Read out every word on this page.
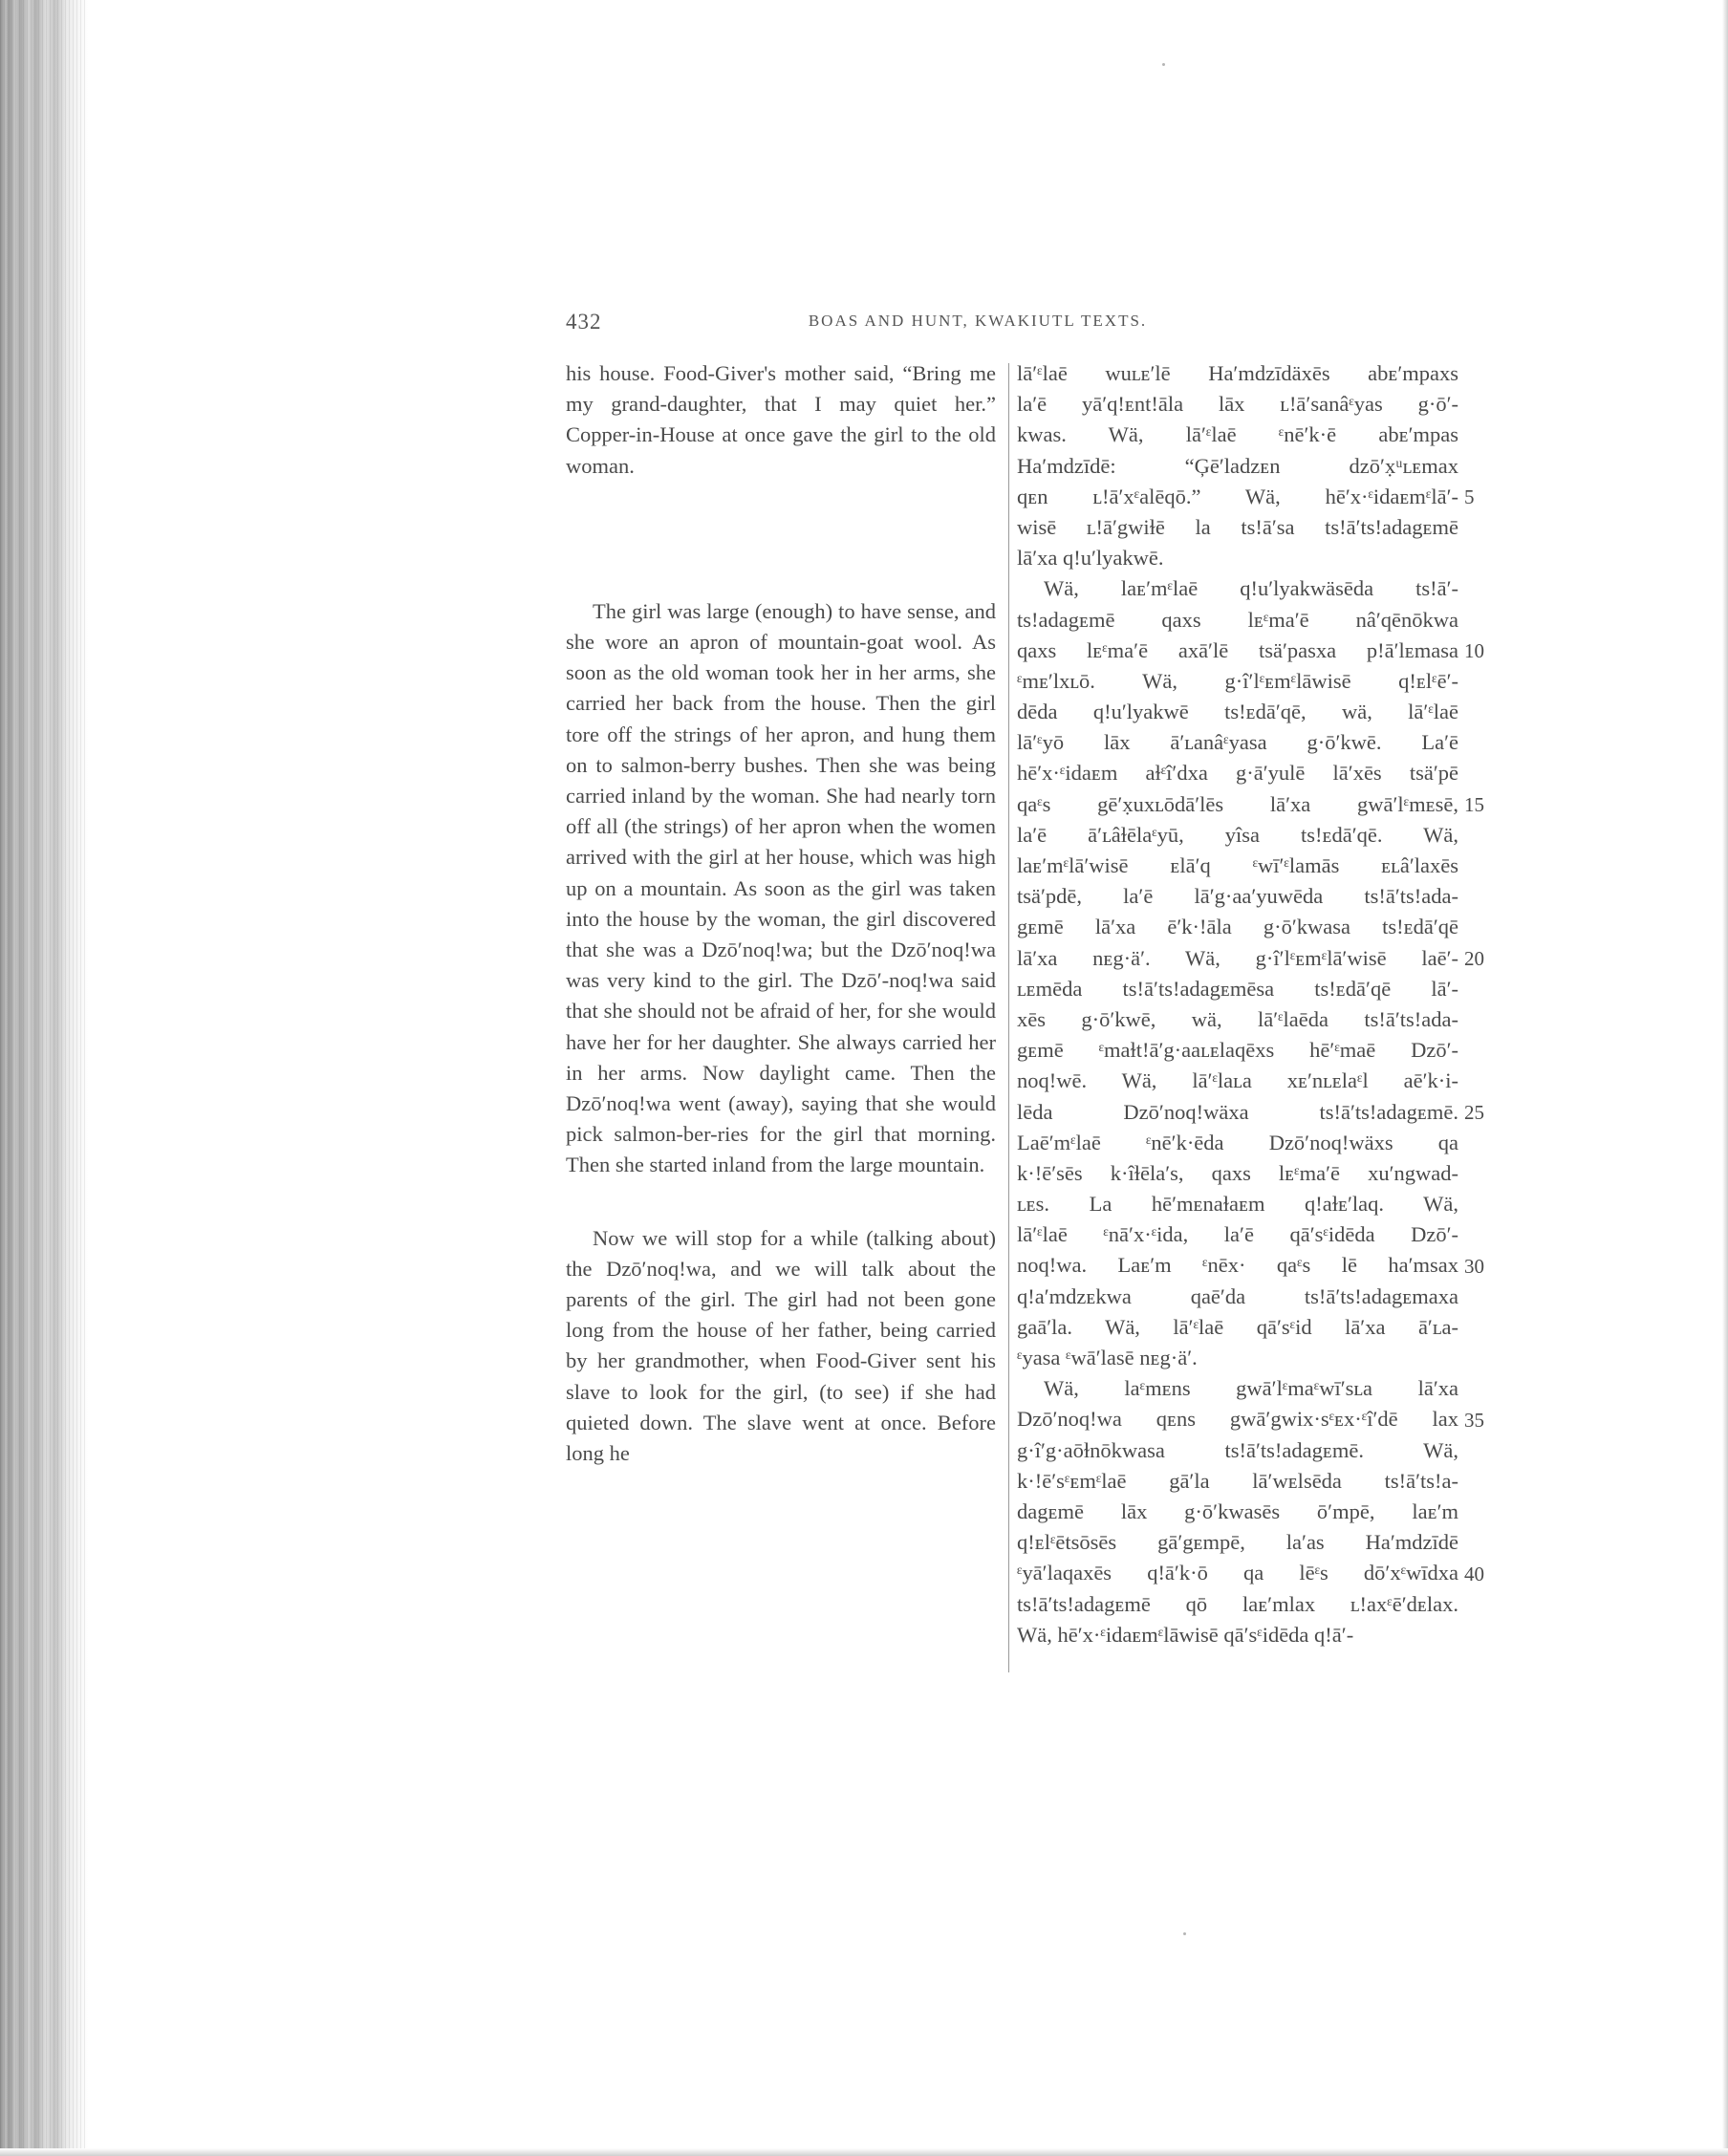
432	BOAS AND HUNT, KWAKIUTL TEXTS.

his house. Food-Giver's mother said, “Bring me my grand-daughter, that I may quiet her.” Copper-in-House at once gave the girl to the old woman.

The girl was large (enough) to have sense, and she wore an apron of mountain-goat wool. As soon as the old woman took her in her arms, she carried her back from the house. Then the girl tore off the strings of her apron, and hung them on to salmon-berry bushes. Then she was being carried inland by the woman. She had nearly torn off all (the strings) of her apron when the women arrived with the girl at her house, which was high up on a mountain. As soon as the girl was taken into the house by the woman, the girl discovered that she was a Dzō′noq!wa; but the Dzō′noq!wa was very kind to the girl. The Dzō′-noq!wa said that she should not be afraid of her, for she would have her for her daughter. She always carried her in her arms. Now daylight came. Then the Dzō′noq!wa went (away), saying that she would pick salmon-ber-ries for the girl that morning. Then she started inland from the large mountain.

Now we will stop for a while (talking about) the Dzō′noq!wa, and we will talk about the parents of the girl. The girl had not been gone long from the house of her father, being carried by her grandmother, when Food-Giver sent his slave to look for the girl, (to see) if she had quieted down. The slave went at once. Before long he

lā′ᵋlaē wuʟᴇ′lē Ha′mdzīdäxēs abᴇ′mpaxs
la′ē yā′q!ᴇnt!āla lāx ʟ!ā′sanâᵋyas g·ō′-
kwas. Wä, lā′ᵋlaē ᵋnē′k·ē abᴇ′mpas
Ha′mdzīdē: “Ģē′ladzᴇn dzō′x̣ᵘʟᴇmax
qᴇn ʟ!ā′xᵋalēqō.” Wä, hē′x·ᵋidaᴇmᵋlā′-
wisē ʟ!ā′gwiɫē la ts!ā′sa ts!ā′ts!adagᴇmē
lā′xa q!u′lyakwē.
Wä, laᴇ′mᵋlaē q!u′lyakwäsēda ts!ā′-
ts!adagᴇmē qaxs lᴇᵋma′ē nâ′qēnōkwa
qaxs lᴇᵋma′ē axā′lē tsä′pasxa p!ā′lᴇmasa
ᵋmᴇ′lxʟō. Wä, g·î′lᵋᴇmᵋlāwisē q!ᴇlᵋē′-
dēda q!u′lyakwē ts!ᴇdā′qē, wä, lā′ᵋlaē
lā′ᵋyō lāx ā′ʟanâᵋyasa g·ō′kwē. La′ē
hē′x·ᵋidaᴇm aɫᵋî′dxa g·ā′yulē lā′xēs tsä′pē
qaᵋs gē′x̣uxʟōdā′lēs lā′xa gwā′lᵋmᴇsē,
la′ē ā′ʟâɫēlaᵋyū, yîsa ts!ᴇdā′qē. Wä,
laᴇ′mᵋlā′wisē ᴇlā′q ᵋwī′ᵋlamās ᴇʟâ′laxēs
tsä′pdē, la′ē lā′g·aa′yuwēda ts!ā′ts!ada-
gᴇmē lā′xa ē′k·!āla g·ō′kwasa ts!ᴇdā′qē
lā′xa nᴇg·ä′. Wä, g·î′lᵋᴇmᵋlā′wisē laē′-
ʟᴇmēda ts!ā′ts!adagᴇmēsa ts!ᴇdā′qē lā′-
xēs g·ō′kwē, wä, lā′ᵋlaēda ts!ā′ts!ada-
gᴇmē ᵋmaɫt!ā′g·aaʟᴇlaqēxs hē′ᵋmaē Dzō′-
noq!wē. Wä, lā′ᵋlaʟa xᴇ′nʟᴇlaᵋl aē′k·i-
lēda Dzō′noq!wäxa ts!ā′ts!adagᴇmē.
Laē′mᵋlaē ᵋnē′k·ēda Dzō′noq!wäxs qa
k·!ē′sēs k·îɫēla′s, qaxs lᴇᵋma′ē xu′ngwad-
ʟᴇs. La hē′mᴇnaɫaᴇm q!aɫᴇ′laq. Wä,
lā′ᵋlaē ᵋnā′x·ᵋida, la′ē qā′sᵋidēda Dzō′-
noq!wa. Laᴇ′m ᵋnēx· qaᵋs lē ha′msax
q!a′mdzᴇkwa qaē′da ts!ā′ts!adagᴇmaxa
gaā′la. Wä, lā′ᵋlaē qā′sᵋid lā′xa ā′ʟa-
ᵋyasa ᵋwā′lasē nᴇg·ä′.
Wä, laᵋmᴇns gwā′lᵋmaᵋwī′sʟa lā′xa
Dzō′noq!wa qᴇns gwā′gwix·sᵋᴇx·ᵋî′dē lax
g·î′g·aōɫnōkwasa ts!ā′ts!adagᴇmē. Wä,
k·!ē′sᵋᴇmᵋlaē gā′la lā′wᴇlsēda ts!ā′ts!a-
dagᴇmē lāx g·ō′kwasēs ō′mpē, laᴇ′m
q!ᴇlᵋētsōsēs gā′gᴇmpē, la′as Ha′mdzīdē
ᵋyā′laqaxēs q!ā′k·ō qa lēᵋs dō′xᵋwīdxa
ts!ā′ts!adagᴇmē qō laᴇ′mlax ʟ!axᵋē′dᴇlax.
Wä, hē′x·ᵋidaᴇmᵋlāwisē qā′sᵋidēda q!ā′-
5
10
15
20
25
30
35
40
